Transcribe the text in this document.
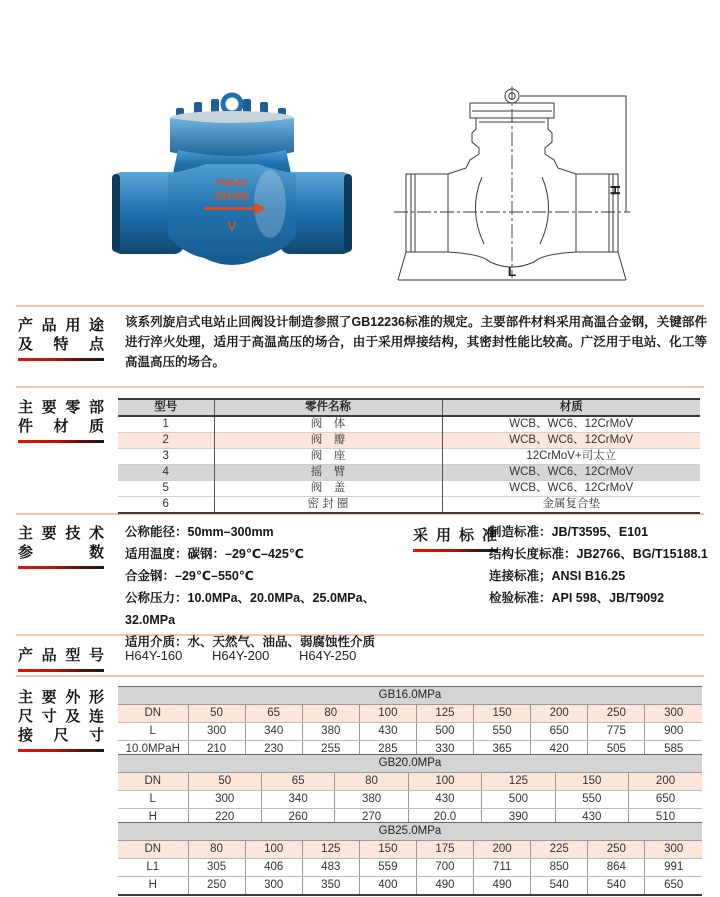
PN64V
DN300
V
H
L
产品用途
及 特 点
该系列旋启式电站止回阀设计制造参照了GB12236标准的规定。主要部件材料采用高温合金钢，关键部件进行淬火处理，适用于高温高压的场合，由于采用焊接结构，其密封性能比较高。广泛用于电站、化工等高温高压的场合。
主要零部
件 材 质
型号	零件名称	材质
1	阀　体	WCB、WC6、12CrMoV
2	阀　瓣	WCB、WC6、12CrMoV
3	阀　座	12CrMoV+司太立
4	摇　臂	WCB、WC6、12CrMoV
5	阀　盖	WCB、WC6、12CrMoV
6	密 封 圈	金属复合垫
主要技术
参　　数
公称能径：50mm–300mm
适用温度：碳钢：–29℃–425℃
合金钢：–29℃–550℃
公称压力：10.0MPa、20.0MPa、25.0MPa、32.0MPa
适用介质：水、天然气、油品、弱腐蚀性介质
采用标准
制造标准：JB/T3595、E101
结构长度标准：JB2766、BG/T15188.1
连接标准；ANSI B16.25
检验标准：API 598、JB/T9092
产品型号 H64Y-160 H64Y-200 H64Y-250
主要外形
尺寸及连
接 尺 寸
GB16.0MPa									
DN	50	65	80	100	125	150	200	250	300
L	300	340	380	430	500	550	650	775	900
10.0MPaH	210	230	255	285	330	365	420	505	585
GB20.0MPa							
DN	50	65	80	100	125	150	200
L	300	340	380	430	500	550	650
H	220	260	270	20.0	390	430	510
GB25.0MPa									
DN	80	100	125	150	175	200	225	250	300
L1	305	406	483	559	700	711	850	864	991
H	250	300	350	400	490	490	540	540	650
